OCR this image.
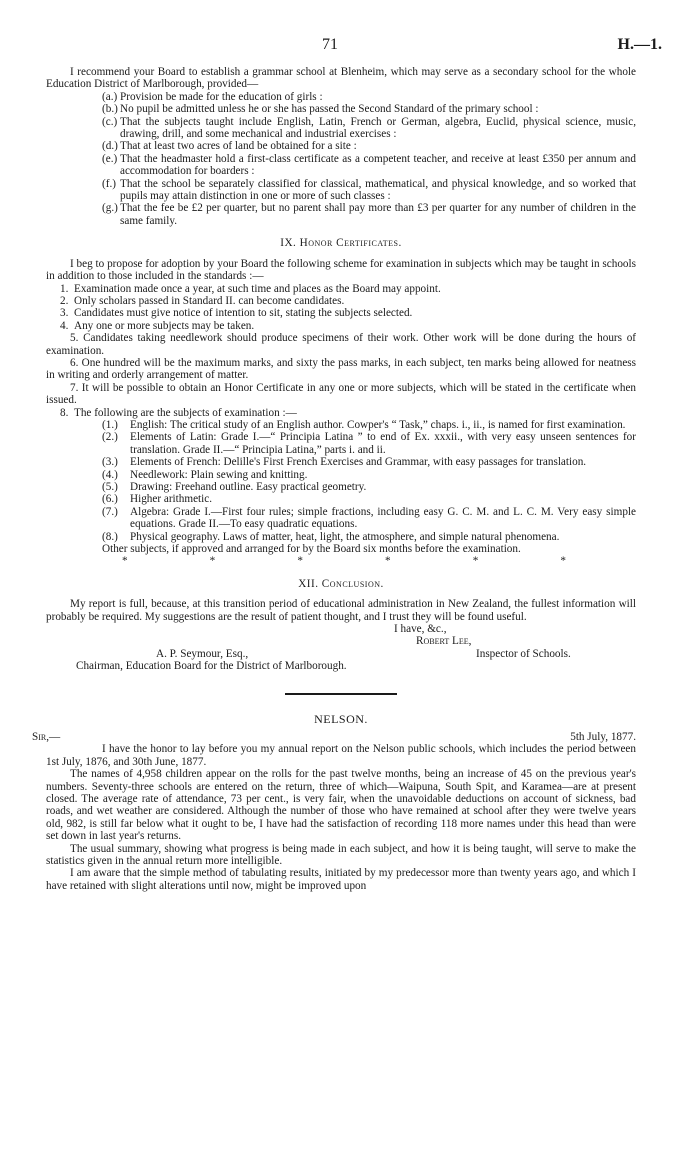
71	H.—1.

I recommend your Board to establish a grammar school at Blenheim, which may serve as a secondary school for the whole Education District of Marlborough, provided—

(a.) Provision be made for the education of girls :
(b.) No pupil be admitted unless he or she has passed the Second Standard of the primary school :
(c.) That the subjects taught include English, Latin, French or German, algebra, Euclid, physical science, music, drawing, drill, and some mechanical and industrial exercises :
(d.) That at least two acres of land be obtained for a site :
(e.) That the headmaster hold a first-class certificate as a competent teacher, and receive at least £350 per annum and accommodation for boarders :
(f.) That the school be separately classified for classical, mathematical, and physical knowledge, and so worked that pupils may attain distinction in one or more of such classes :
(g.) That the fee be £2 per quarter, but no parent shall pay more than £3 per quarter for any number of children in the same family.
IX. Honor Certificates.

I beg to propose for adoption by your Board the following scheme for examination in subjects which may be taught in schools in addition to those included in the standards :—

1. Examination made once a year, at such time and places as the Board may appoint.
2. Only scholars passed in Standard II. can become candidates.
3. Candidates must give notice of intention to sit, stating the subjects selected.
4. Any one or more subjects may be taken.

5. Candidates taking needlework should produce specimens of their work. Other work will be done during the hours of examination.

6. One hundred will be the maximum marks, and sixty the pass marks, in each subject, ten marks being allowed for neatness in writing and orderly arrangement of matter.

7. It will be possible to obtain an Honor Certificate in any one or more subjects, which will be stated in the certificate when issued.

8. The following are the subjects of examination :—
(1.) English: The critical study of an English author. Cowper's “ Task,” chaps. i., ii., is named for first examination.
(2.) Elements of Latin: Grade I.—“ Principia Latina ” to end of Ex. xxxii., with very easy unseen sentences for translation. Grade II.—“ Principia Latina,” parts i. and ii.
(3.) Elements of French: Delille's First French Exercises and Grammar, with easy passages for translation.
(4.) Needlework: Plain sewing and knitting.
(5.) Drawing: Freehand outline. Easy practical geometry.
(6.) Higher arithmetic.
(7.) Algebra: Grade I.—First four rules; simple fractions, including easy G. C. M. and L. C. M. Very easy simple equations. Grade II.—To easy quadratic equations.
(8.) Physical geography. Laws of matter, heat, light, the atmosphere, and simple natural phenomena.

Other subjects, if approved and arranged for by the Board six months before the examination.

*	*	*	*	*	*
XII. Conclusion.

My report is full, because, at this transition period of educational administration in New Zealand, the fullest information will probably be required. My suggestions are the result of patient thought, and I trust they will be found useful.

I have, &c.,
Robert Lee,
A. P. Seymour, Esq.,	Inspector of Schools.
Chairman, Education Board for the District of Marlborough.
NELSON.
Sir,—	5th July, 1877.

I have the honor to lay before you my annual report on the Nelson public schools, which includes the period between 1st July, 1876, and 30th June, 1877.

The names of 4,958 children appear on the rolls for the past twelve months, being an increase of 45 on the previous year's numbers. Seventy-three schools are entered on the return, three of which—Waipuna, South Spit, and Karamea—are at present closed. The average rate of attendance, 73 per cent., is very fair, when the unavoidable deductions on account of sickness, bad roads, and wet weather are considered. Although the number of those who have remained at school after they were twelve years old, 982, is still far below what it ought to be, I have had the satisfaction of recording 118 more names under this head than were set down in last year's returns.

The usual summary, showing what progress is being made in each subject, and how it is being taught, will serve to make the statistics given in the annual return more intelligible.

I am aware that the simple method of tabulating results, initiated by my predecessor more than twenty years ago, and which I have retained with slight alterations until now, might be improved upon
